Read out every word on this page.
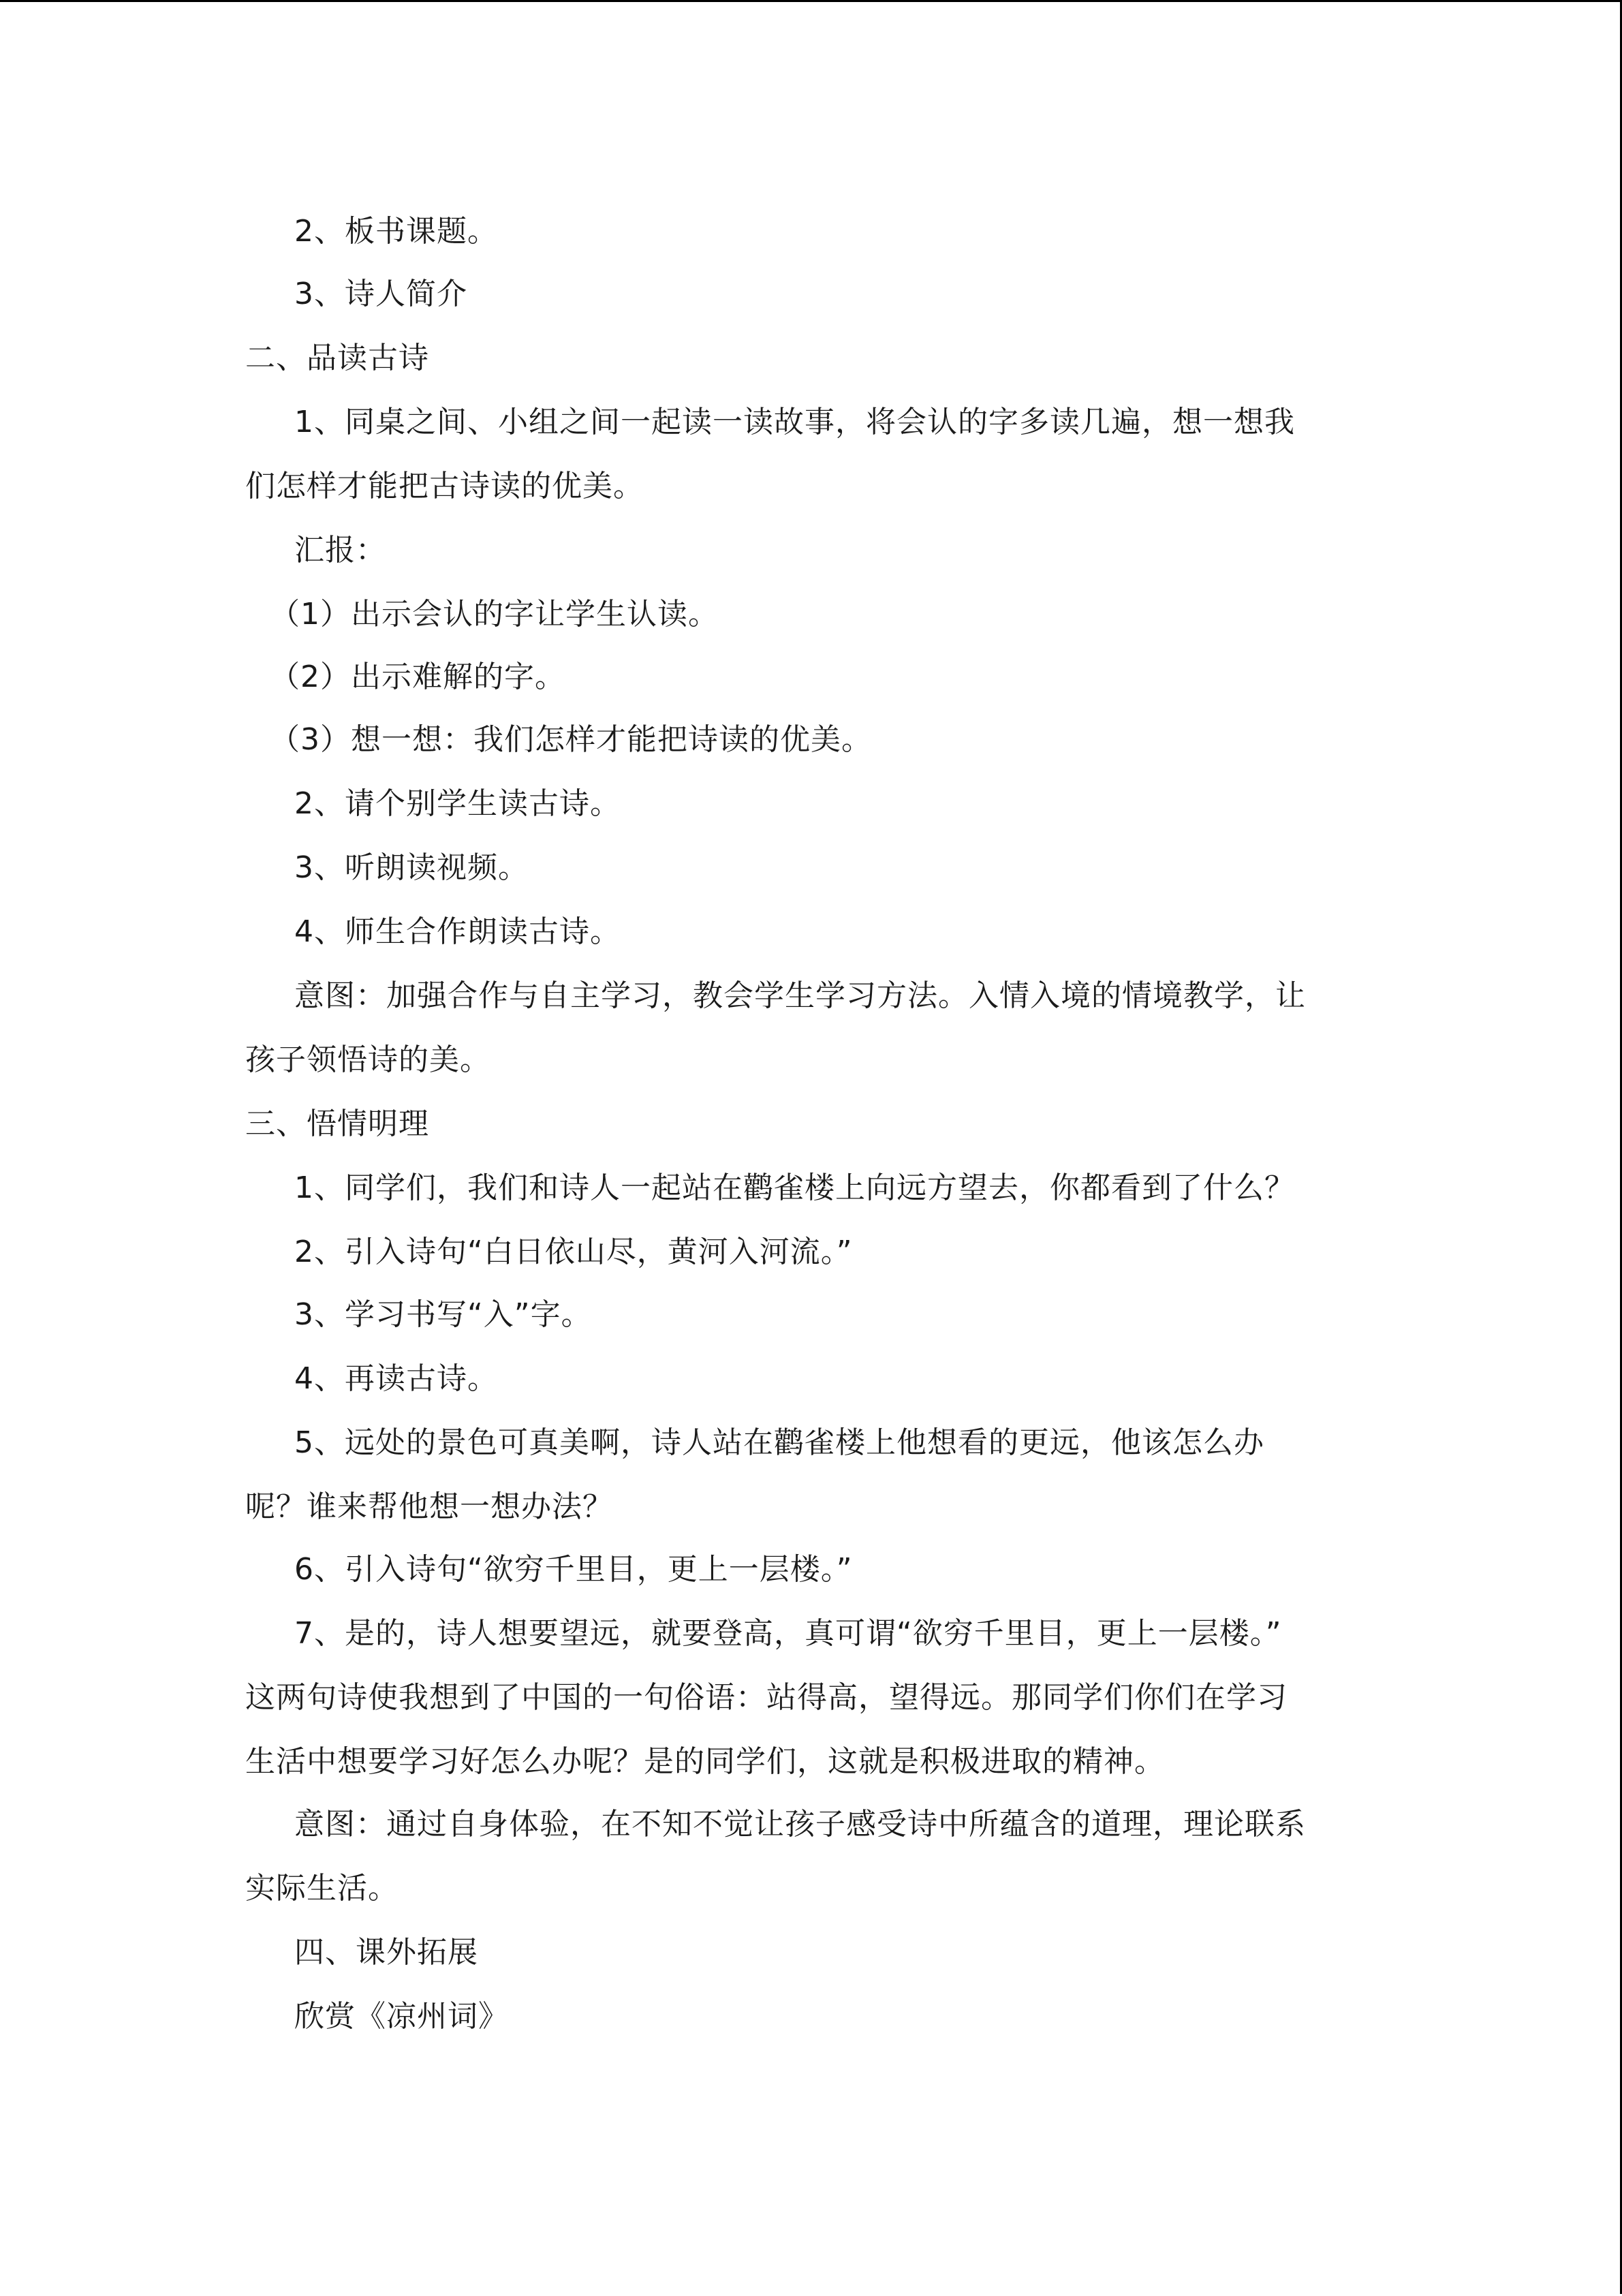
2、板书课题。
3、诗人简介
二、品读古诗
1、同桌之间、小组之间一起读一读故事，将会认的字多读几遍，想一想我
们怎样才能把古诗读的优美。
汇报：
（1）出示会认的字让学生认读。
（2）出示难解的字。
（3）想一想：我们怎样才能把诗读的优美。
2、请个别学生读古诗。
3、听朗读视频。
4、师生合作朗读古诗。
意图：加强合作与自主学习，教会学生学习方法。入情入境的情境教学，让
孩子领悟诗的美。
三、悟情明理
1、同学们，我们和诗人一起站在鹳雀楼上向远方望去，你都看到了什么？
2、引入诗句“白日依山尽，黄河入河流。”
3、学习书写“入”字。
4、再读古诗。
5、远处的景色可真美啊，诗人站在鹳雀楼上他想看的更远，他该怎么办
呢？谁来帮他想一想办法？
6、引入诗句“欲穷千里目，更上一层楼。”
7、是的，诗人想要望远，就要登高，真可谓“欲穷千里目，更上一层楼。”
这两句诗使我想到了中国的一句俗语：站得高，望得远。那同学们你们在学习
生活中想要学习好怎么办呢？是的同学们，这就是积极进取的精神。
意图：通过自身体验，在不知不觉让孩子感受诗中所蕴含的道理，理论联系
实际生活。
四、课外拓展
欣赏《凉州词》
